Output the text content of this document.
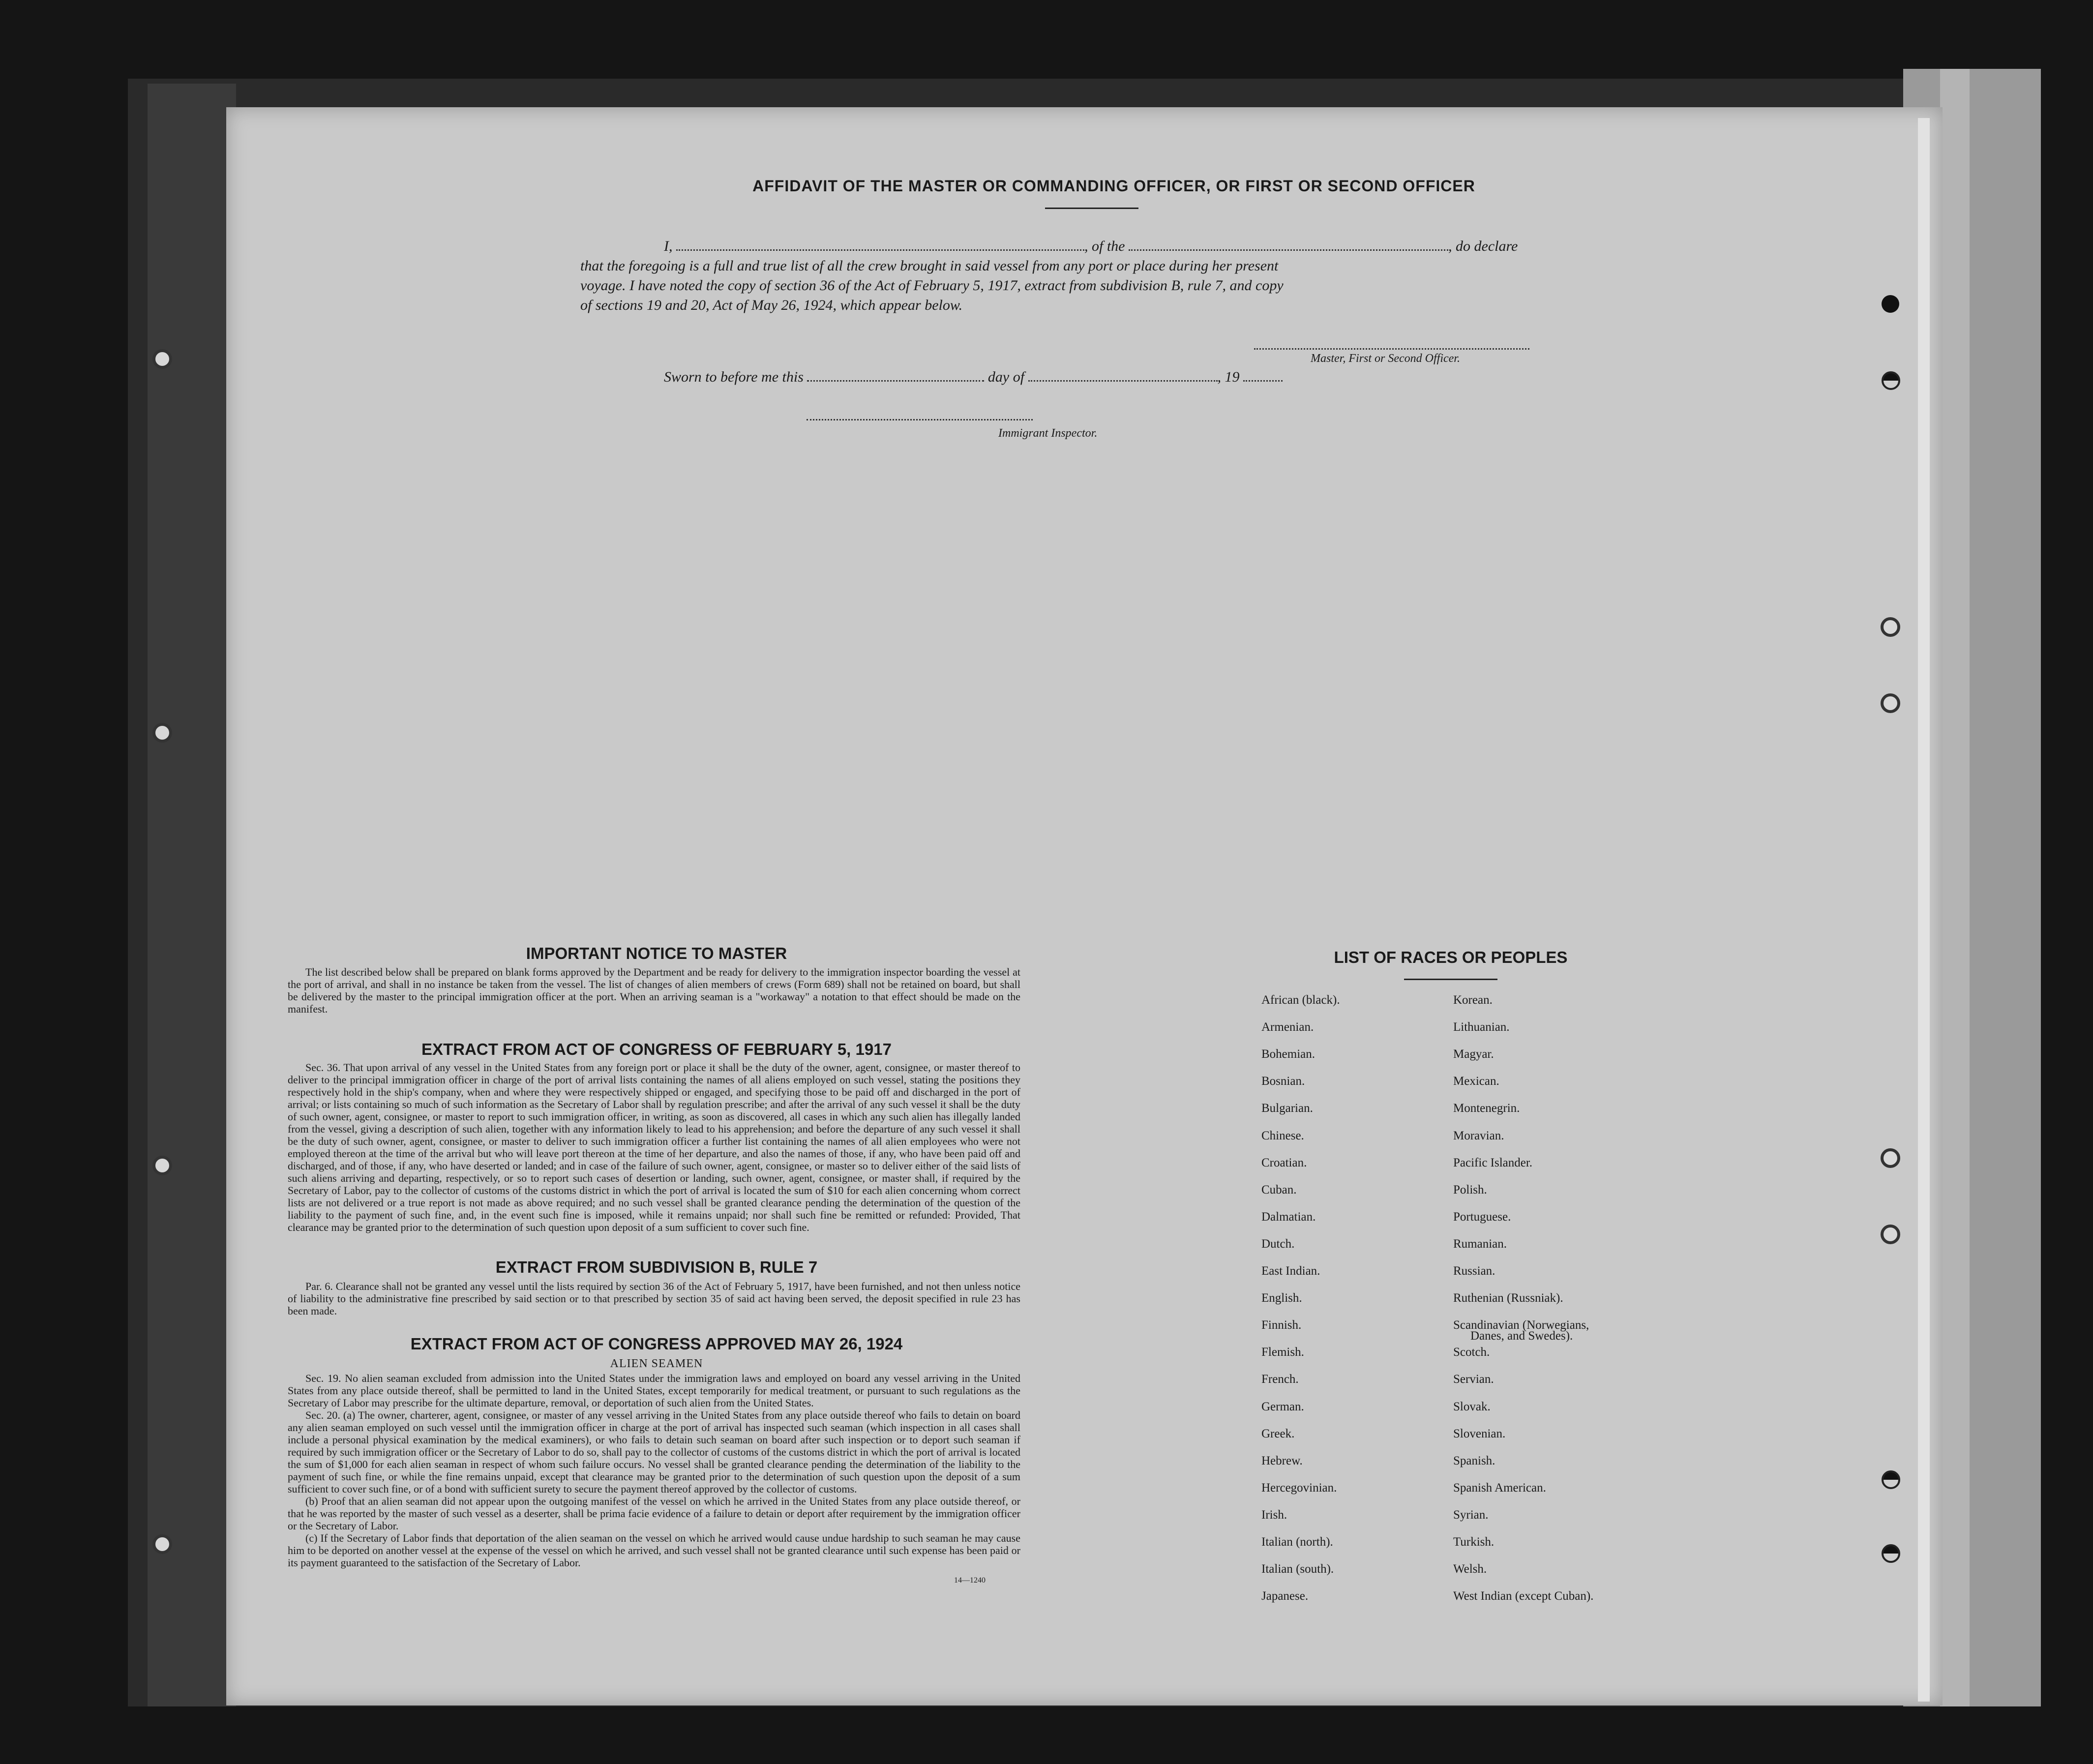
AFFIDAVIT OF THE MASTER OR COMMANDING OFFICER, OR FIRST OR SECOND OFFICER
I,	, of the	, do declare
that the foregoing is a full and true list of all the crew brought in said vessel from any port or place during her present
voyage. I have noted the copy of section 36 of the Act of February 5, 1917, extract from subdivision B, rule 7, and copy
of sections 19 and 20, Act of May 26, 1924, which appear below.
Master, First or Second Officer.
Sworn to before me this	day of	, 19
Immigrant Inspector.
IMPORTANT NOTICE TO MASTER

The list described below shall be prepared on blank forms approved by the Department and be ready for delivery to the immigration inspector boarding the vessel at the port of arrival, and shall in no instance be taken from the vessel. The list of changes of alien members of crews (Form 689) shall not be retained on board, but shall be delivered by the master to the principal immigration officer at the port. When an arriving seaman is a "workaway" a notation to that effect should be made on the manifest.

EXTRACT FROM ACT OF CONGRESS OF FEBRUARY 5, 1917

Sec. 36. That upon arrival of any vessel in the United States from any foreign port or place it shall be the duty of the owner, agent, consignee, or master thereof to deliver to the principal immigration officer in charge of the port of arrival lists containing the names of all aliens employed on such vessel, stating the positions they respectively hold in the ship's company, when and where they were respectively shipped or engaged, and specifying those to be paid off and discharged in the port of arrival; or lists containing so much of such information as the Secretary of Labor shall by regulation prescribe; and after the arrival of any such vessel it shall be the duty of such owner, agent, consignee, or master to report to such immigration officer, in writing, as soon as discovered, all cases in which any such alien has illegally landed from the vessel, giving a description of such alien, together with any information likely to lead to his apprehension; and before the departure of any such vessel it shall be the duty of such owner, agent, consignee, or master to deliver to such immigration officer a further list containing the names of all alien employees who were not employed thereon at the time of the arrival but who will leave port thereon at the time of her departure, and also the names of those, if any, who have been paid off and discharged, and of those, if any, who have deserted or landed; and in case of the failure of such owner, agent, consignee, or master so to deliver either of the said lists of such aliens arriving and departing, respectively, or so to report such cases of desertion or landing, such owner, agent, consignee, or master shall, if required by the Secretary of Labor, pay to the collector of customs of the customs district in which the port of arrival is located the sum of $10 for each alien concerning whom correct lists are not delivered or a true report is not made as above required; and no such vessel shall be granted clearance pending the determination of the question of the liability to the payment of such fine, and, in the event such fine is imposed, while it remains unpaid; nor shall such fine be remitted or refunded: Provided, That clearance may be granted prior to the determination of such question upon deposit of a sum sufficient to cover such fine.

EXTRACT FROM SUBDIVISION B, RULE 7

Par. 6. Clearance shall not be granted any vessel until the lists required by section 36 of the Act of February 5, 1917, have been furnished, and not then unless notice of liability to the administrative fine prescribed by said section or to that prescribed by section 35 of said act having been served, the deposit specified in rule 23 has been made.

EXTRACT FROM ACT OF CONGRESS APPROVED MAY 26, 1924
ALIEN SEAMEN

Sec. 19. No alien seaman excluded from admission into the United States under the immigration laws and employed on board any vessel arriving in the United States from any place outside thereof, shall be permitted to land in the United States, except temporarily for medical treatment, or pursuant to such regulations as the Secretary of Labor may prescribe for the ultimate departure, removal, or deportation of such alien from the United States.

Sec. 20. (a) The owner, charterer, agent, consignee, or master of any vessel arriving in the United States from any place outside thereof who fails to detain on board any alien seaman employed on such vessel until the immigration officer in charge at the port of arrival has inspected such seaman (which inspection in all cases shall include a personal physical examination by the medical examiners), or who fails to detain such seaman on board after such inspection or to deport such seaman if required by such immigration officer or the Secretary of Labor to do so, shall pay to the collector of customs of the customs district in which the port of arrival is located the sum of $1,000 for each alien seaman in respect of whom such failure occurs. No vessel shall be granted clearance pending the determination of the liability to the payment of such fine, or while the fine remains unpaid, except that clearance may be granted prior to the determination of such question upon the deposit of a sum sufficient to cover such fine, or of a bond with sufficient surety to secure the payment thereof approved by the collector of customs.

(b) Proof that an alien seaman did not appear upon the outgoing manifest of the vessel on which he arrived in the United States from any place outside thereof, or that he was reported by the master of such vessel as a deserter, shall be prima facie evidence of a failure to detain or deport after requirement by the immigration officer or the Secretary of Labor.

(c) If the Secretary of Labor finds that deportation of the alien seaman on the vessel on which he arrived would cause undue hardship to such seaman he may cause him to be deported on another vessel at the expense of the vessel on which he arrived, and such vessel shall not be granted clearance until such expense has been paid or its payment guaranteed to the satisfaction of the Secretary of Labor.

14—1240
LIST OF RACES OR PEOPLES
African (black).
Armenian.
Bohemian.
Bosnian.
Bulgarian.
Chinese.
Croatian.
Cuban.
Dalmatian.
Dutch.
East Indian.
English.
Finnish.
Flemish.
French.
German.
Greek.
Hebrew.
Hercegovinian.
Irish.
Italian (north).
Italian (south).
Japanese.
Korean.
Lithuanian.
Magyar.
Mexican.
Montenegrin.
Moravian.
Pacific Islander.
Polish.
Portuguese.
Rumanian.
Russian.
Ruthenian (Russniak).
Scandinavian (Norwegians,
Scotch.
Servian.
Slovak.
Slovenian.
Spanish.
Spanish American.
Syrian.
Turkish.
Welsh.
West Indian (except Cuban).
Danes, and Swedes).
